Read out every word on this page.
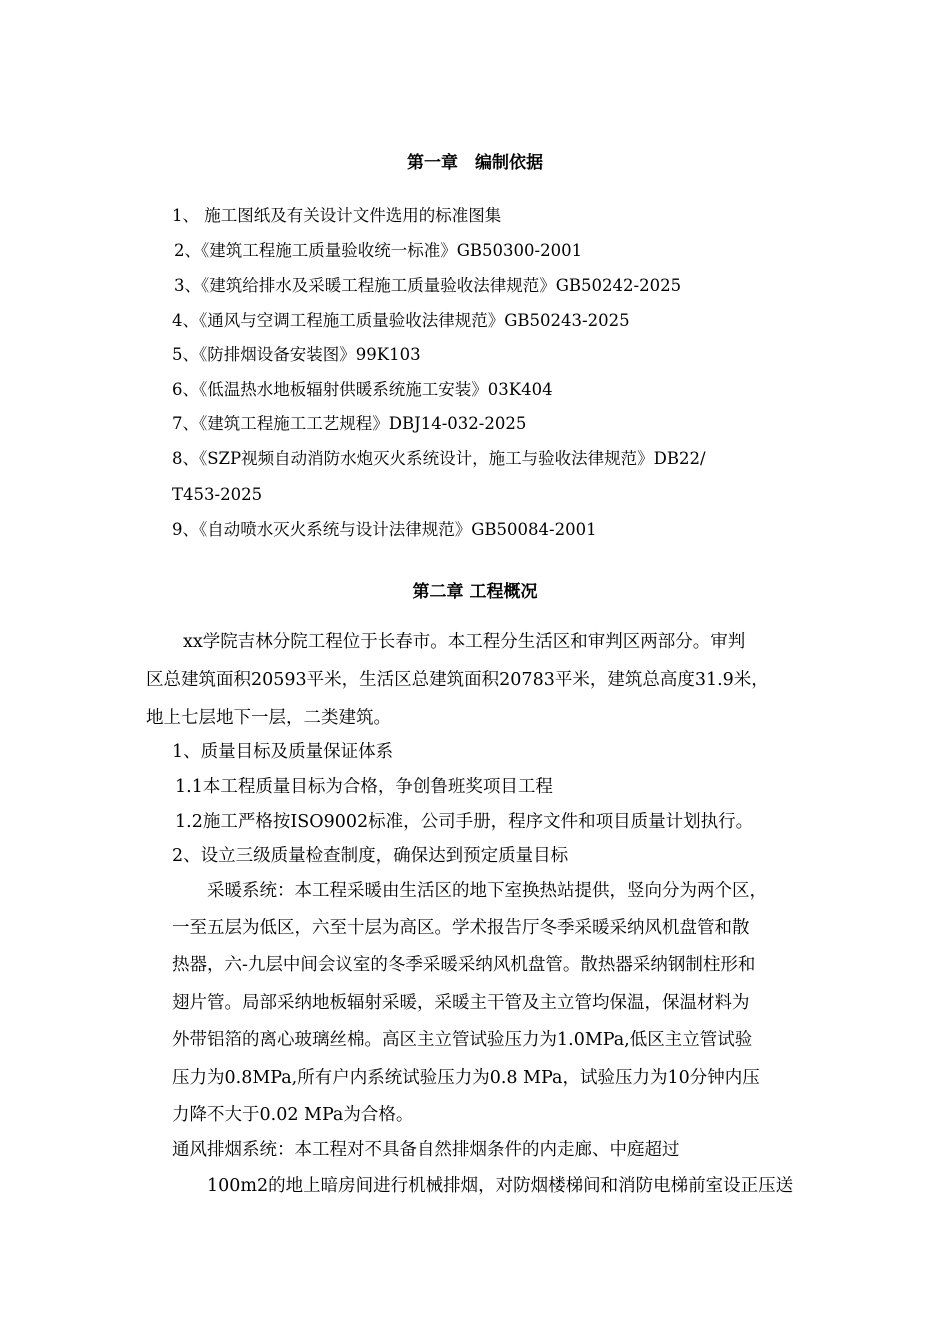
第一章　编制依据
1、 施工图纸及有关设计文件选用的标准图集
2、《建筑工程施工质量验收统一标准》GB50300-2001
3、《建筑给排水及采暖工程施工质量验收法律规范》GB50242-2025
4、《通风与空调工程施工质量验收法律规范》GB50243-2025
5、《防排烟设备安装图》99K103
6、《低温热水地板辐射供暖系统施工安装》03K404
7、《建筑工程施工工艺规程》DBJ14-032-2025
8、《SZP视频自动消防水炮灭火系统设计，施工与验收法律规范》DB22/
T453-2025
9、《自动喷水灭火系统与设计法律规范》GB50084-2001
第二章 工程概况
xx学院吉林分院工程位于长春市。本工程分生活区和审判区两部分。审判
区总建筑面积20593平米，生活区总建筑面积20783平米，建筑总高度31.9米，
地上七层地下一层，二类建筑。
1、质量目标及质量保证体系
1.1本工程质量目标为合格，争创鲁班奖项目工程
1.2施工严格按ISO9002标准，公司手册，程序文件和项目质量计划执行。
2、设立三级质量检查制度，确保达到预定质量目标
采暖系统：本工程采暖由生活区的地下室换热站提供，竖向分为两个区，
一至五层为低区，六至十层为高区。学术报告厅冬季采暖采纳风机盘管和散
热器，六-九层中间会议室的冬季采暖采纳风机盘管。散热器采纳钢制柱形和
翅片管。局部采纳地板辐射采暖，采暖主干管及主立管均保温，保温材料为
外带铝箔的离心玻璃丝棉。高区主立管试验压力为1.0MPa,低区主立管试验
压力为0.8MPa,所有户内系统试验压力为0.8 MPa，试验压力为10分钟内压
力降不大于0.02 MPa为合格。
通风排烟系统：本工程对不具备自然排烟条件的内走廊、中庭超过
100m2的地上暗房间进行机械排烟，对防烟楼梯间和消防电梯前室设正压送
